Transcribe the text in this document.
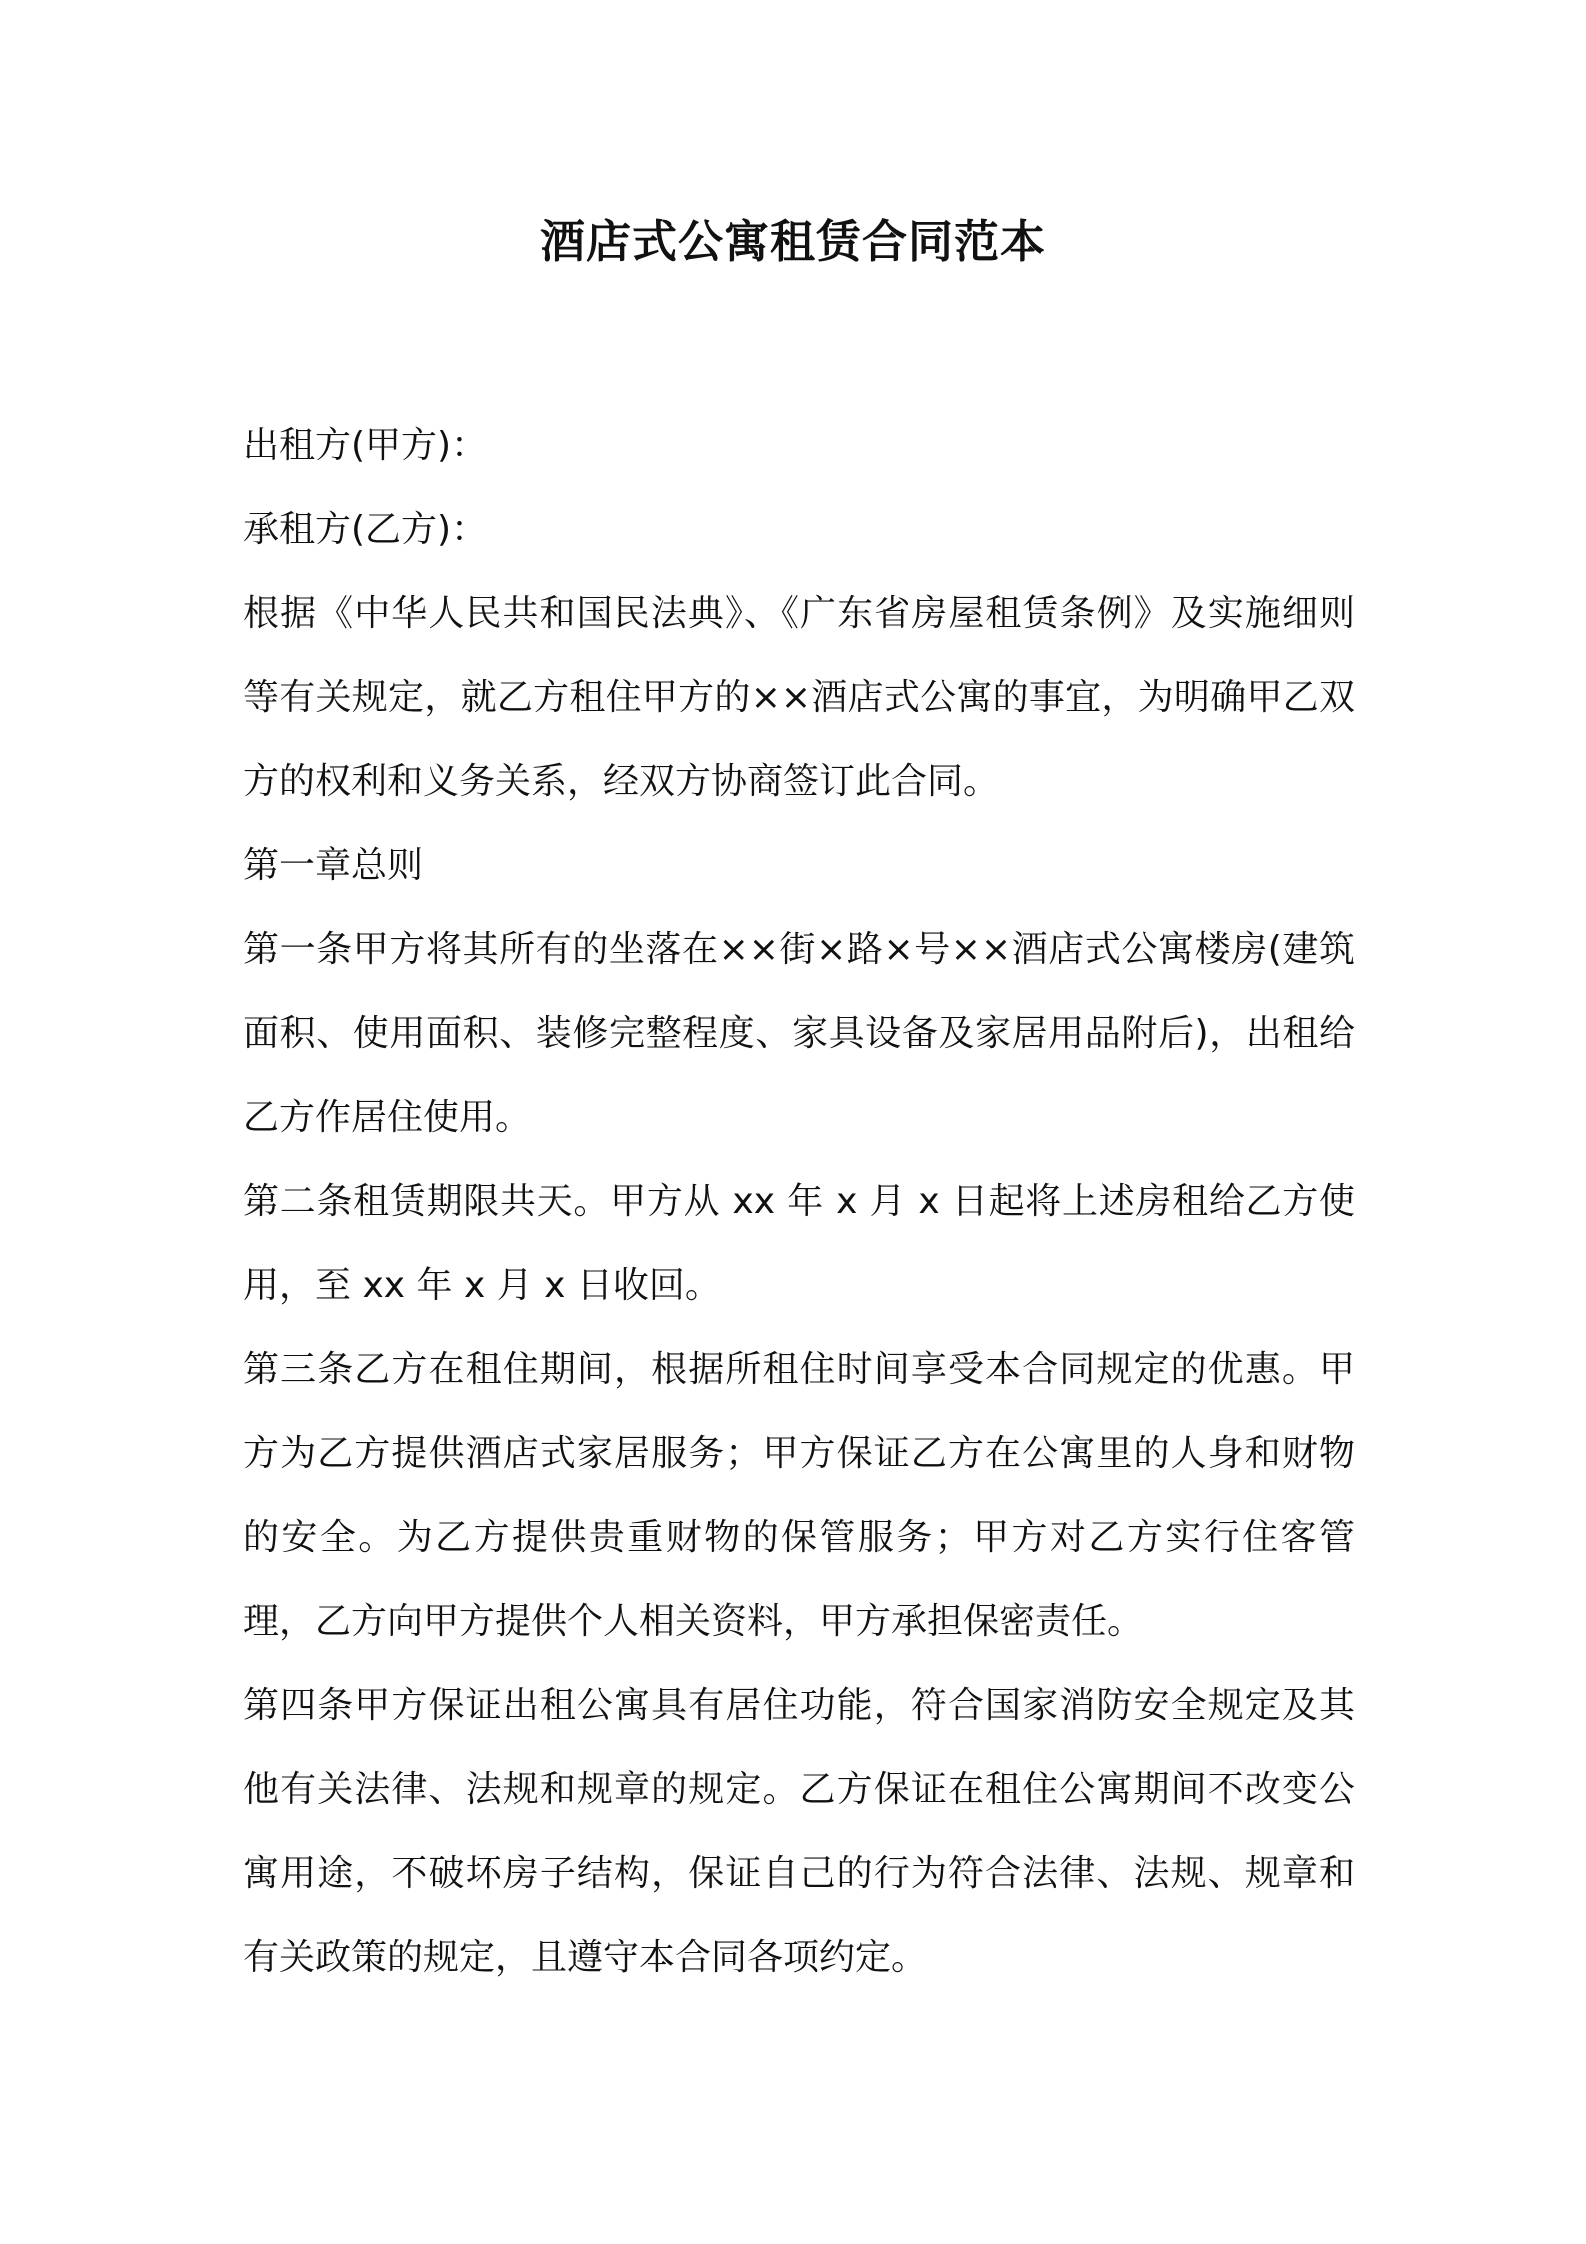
酒店式公寓租赁合同范本

出租方(甲方)：

承租方(乙方)：

根据《中华人民共和国民法典》、《广东省房屋租赁条例》及实施细则等有关规定，就乙方租住甲方的××酒店式公寓的事宜，为明确甲乙双方的权利和义务关系，经双方协商签订此合同。

第一章总则

第一条甲方将其所有的坐落在××街×路×号××酒店式公寓楼房(建筑面积、使用面积、装修完整程度、家具设备及家居用品附后)，出租给乙方作居住使用。

第二条租赁期限共天。甲方从 xx 年 x 月 x 日起将上述房租给乙方使用，至 xx 年 x 月 x 日收回。

第三条乙方在租住期间，根据所租住时间享受本合同规定的优惠。甲方为乙方提供酒店式家居服务；甲方保证乙方在公寓里的人身和财物的安全。为乙方提供贵重财物的保管服务；甲方对乙方实行住客管理，乙方向甲方提供个人相关资料，甲方承担保密责任。

第四条甲方保证出租公寓具有居住功能，符合国家消防安全规定及其他有关法律、法规和规章的规定。乙方保证在租住公寓期间不改变公寓用途，不破坏房子结构，保证自己的行为符合法律、法规、规章和有关政策的规定，且遵守本合同各项约定。
